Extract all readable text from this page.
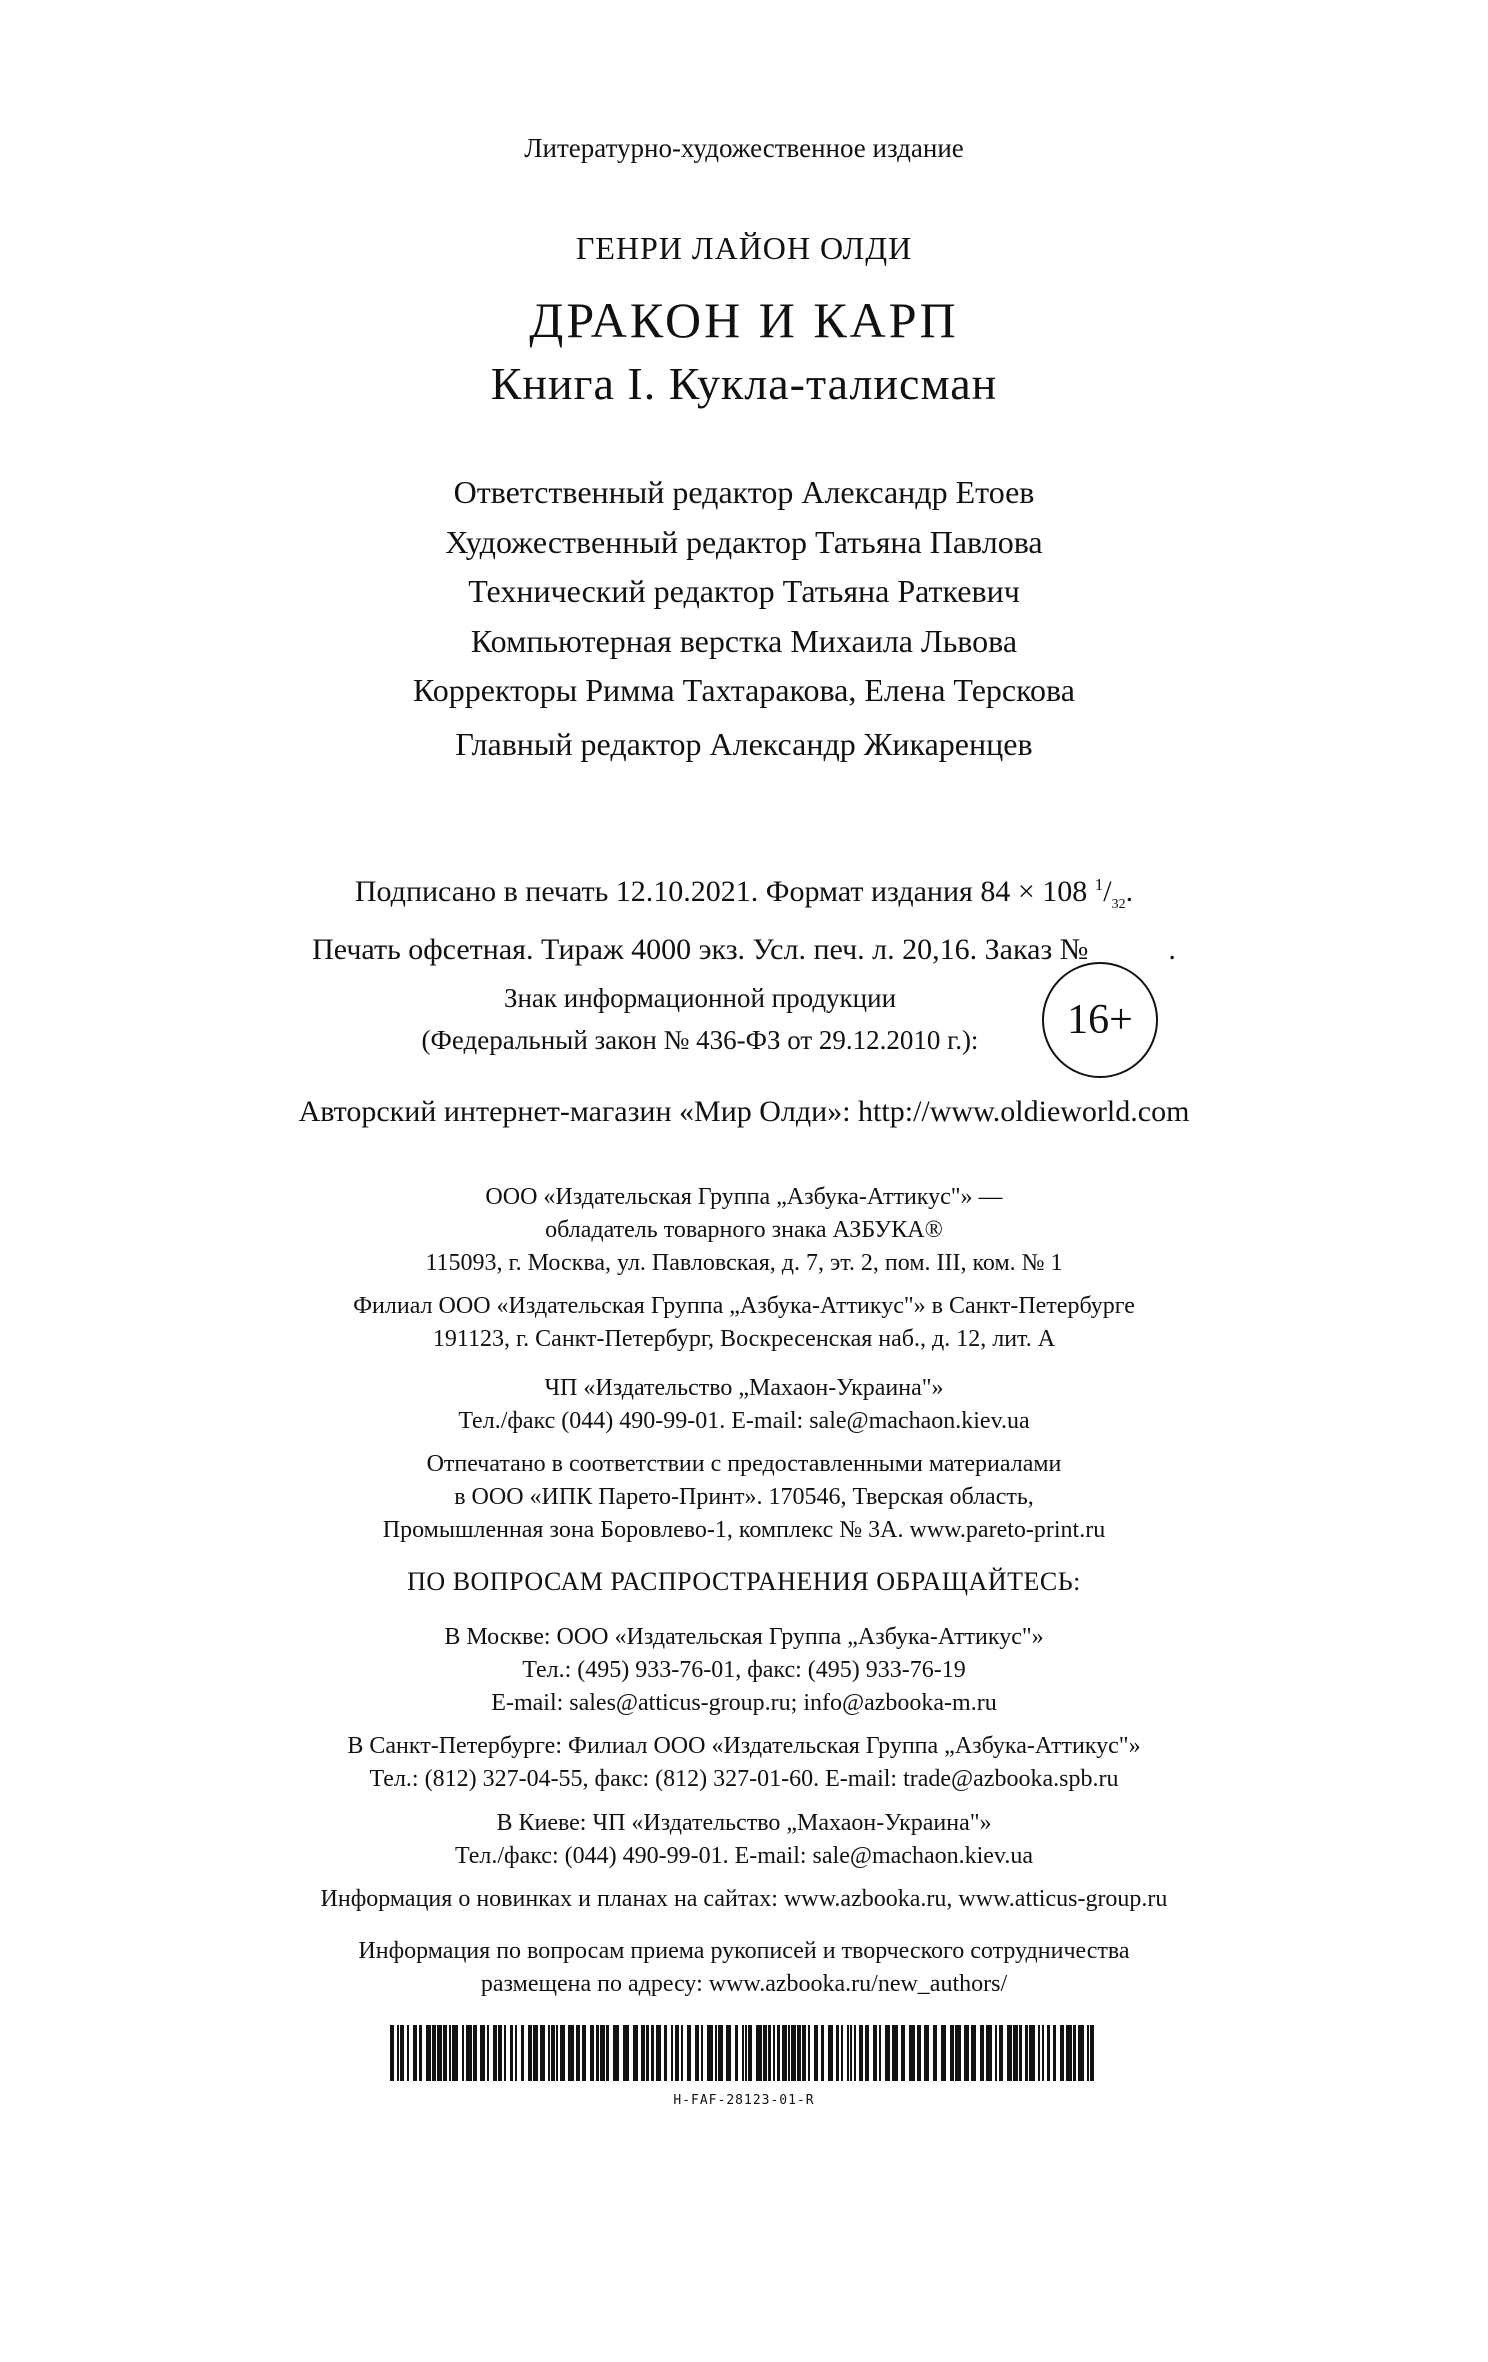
Литературно-художественное издание
ГЕНРИ ЛАЙОН ОЛДИ
ДРАКОН И КАРП
Книга I. Кукла-талисман
Ответственный редактор Александр Етоев
Художественный редактор Татьяна Павлова
Технический редактор Татьяна Раткевич
Компьютерная верстка Михаила Львова
Корректоры Римма Тахтаракова, Елена Терскова
Главный редактор Александр Жикаренцев
Подписано в печать 12.10.2021. Формат издания 84 × 108 $^1/_{32}$.
Печать офсетная. Тираж 4000 экз. Усл. печ. л. 20,16. Заказ №	.
Знак информационной продукции
(Федеральный закон № 436-ФЗ от 29.12.2010 г.):	16+
Авторский интернет-магазин «Мир Олди»: http://www.oldieworld.com
ООО «Издательская Группа „Азбука-Аттикус"» —
обладатель товарного знака АЗБУКА®
115093, г. Москва, ул. Павловская, д. 7, эт. 2, пом. III, ком. № 1
Филиал ООО «Издательская Группа „Азбука-Аттикус"» в Санкт-Петербурге
191123, г. Санкт-Петербург, Воскресенская наб., д. 12, лит. А
ЧП «Издательство „Махаон-Украина"»
Тел./факс (044) 490-99-01. E-mail: sale@machaon.kiev.ua
Отпечатано в соответствии с предоставленными материалами
в ООО «ИПК Парето-Принт». 170546, Тверская область,
Промышленная зона Боровлево-1, комплекс № 3А. www.pareto-print.ru
ПО ВОПРОСАМ РАСПРОСТРАНЕНИЯ ОБРАЩАЙТЕСЬ:
В Москве: ООО «Издательская Группа „Азбука-Аттикус"»
Тел.: (495) 933-76-01, факс: (495) 933-76-19
E-mail: sales@atticus-group.ru; info@azbooka-m.ru
В Санкт-Петербурге: Филиал ООО «Издательская Группа „Азбука-Аттикус"»
Тел.: (812) 327-04-55, факс: (812) 327-01-60. E-mail: trade@azbooka.spb.ru
В Киеве: ЧП «Издательство „Махаон-Украина"»
Тел./факс: (044) 490-99-01. E-mail: sale@machaon.kiev.ua
Информация о новинках и планах на сайтах: www.azbooka.ru, www.atticus-group.ru
Информация по вопросам приема рукописей и творческого сотрудничества
размещена по адресу: www.azbooka.ru/new_authors/
H-FAF-28123-01-R
